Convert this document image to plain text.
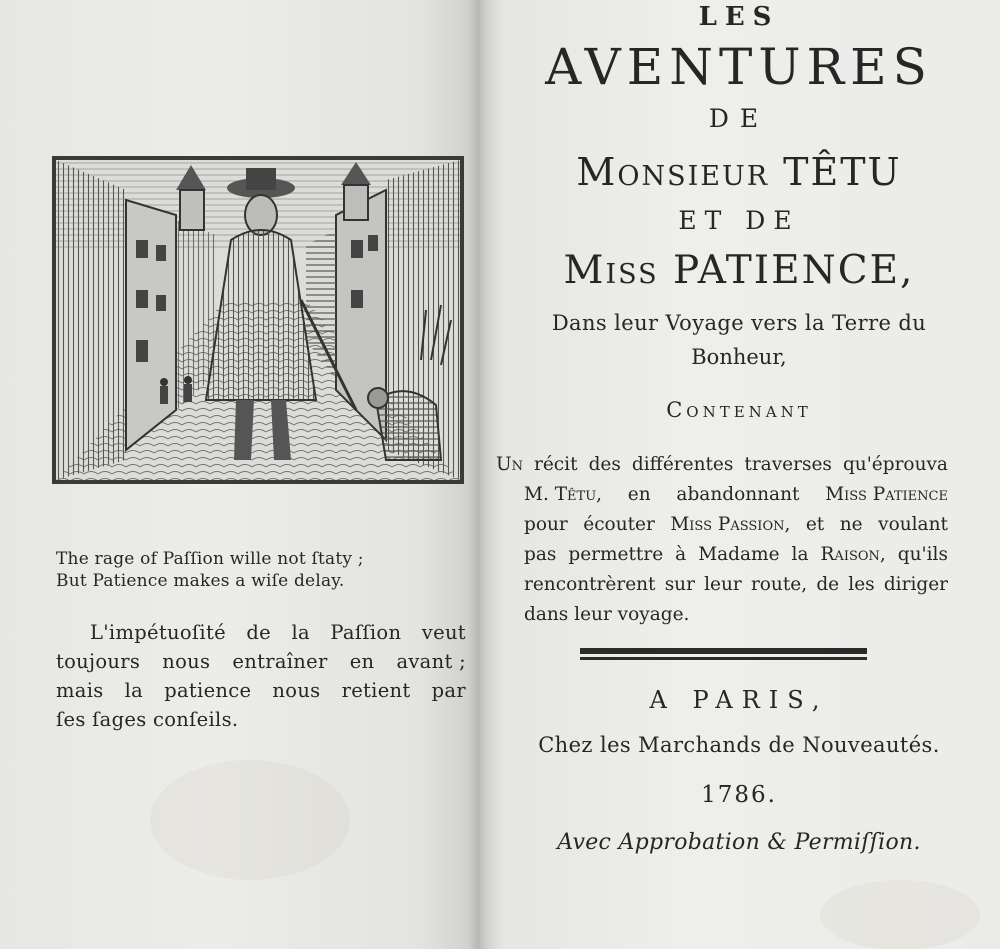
The rage of Paſſion wille not ſtaty ;
But Patience makes a wiſe delay.
L'impétuoſité de la Paſſion veut
toujours nous entraîner en avant ;
mais la patience nous retient par
ſes ſages conſeils.
LES
AVENTURES
DE
Monsieur TÊTU
ET DE
Miss PATIENCE,
Dans leur Voyage vers la Terre du
Bonheur,
Contenant
Un récit des différentes traverses qu'éprouva
M. Têtu, en abandonnant Miss Patience
pour écouter Miss Passion, et ne voulant
pas permettre à Madame la Raison, qu'ils
rencontrèrent sur leur route, de les diriger
dans leur voyage.
A PARIS,
Chez les Marchands de Nouveautés.
1786.
Avec Approbation & Permiſſion.
